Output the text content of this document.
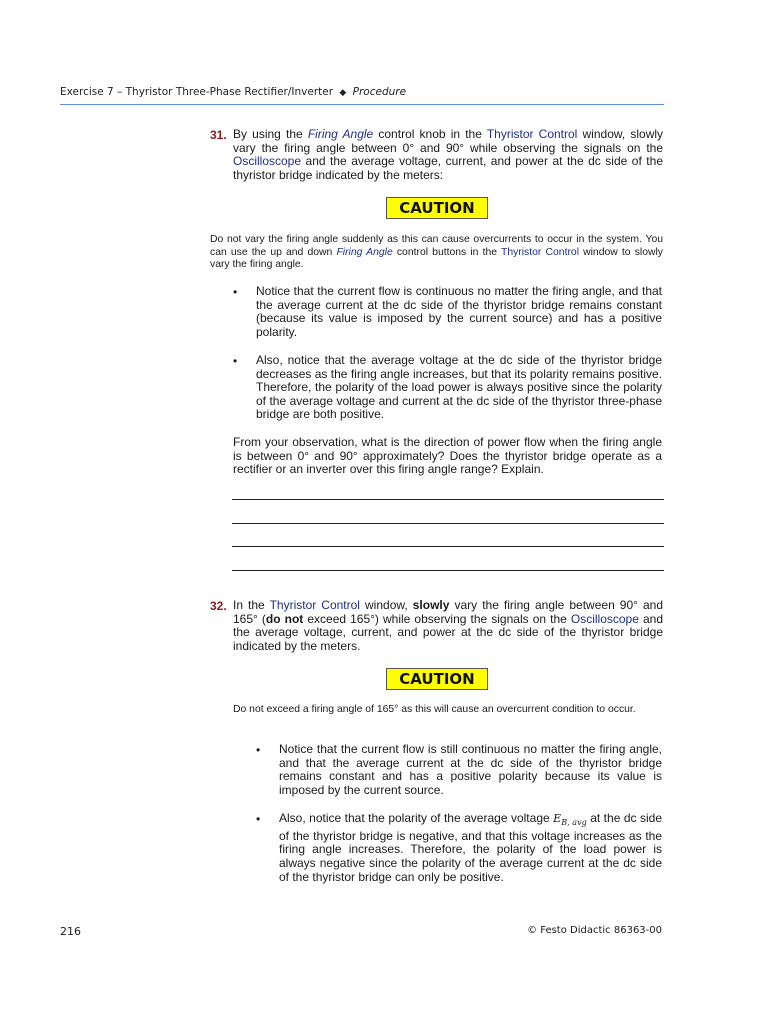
Exercise 7 – Thyristor Three-Phase Rectifier/Inverter ◆ Procedure
31. By using the Firing Angle control knob in the Thyristor Control window, slowly vary the firing angle between 0° and 90° while observing the signals on the Oscilloscope and the average voltage, current, and power at the dc side of the thyristor bridge indicated by the meters:
CAUTION
Do not vary the firing angle suddenly as this can cause overcurrents to occur in the system. You can use the up and down Firing Angle control buttons in the Thyristor Control window to slowly vary the firing angle.
• Notice that the current flow is continuous no matter the firing angle, and that the average current at the dc side of the thyristor bridge remains constant (because its value is imposed by the current source) and has a positive polarity.
• Also, notice that the average voltage at the dc side of the thyristor bridge decreases as the firing angle increases, but that its polarity remains positive. Therefore, the polarity of the load power is always positive since the polarity of the average voltage and current at the dc side of the thyristor three-phase bridge are both positive.
From your observation, what is the direction of power flow when the firing angle is between 0° and 90° approximately? Does the thyristor bridge operate as a rectifier or an inverter over this firing angle range? Explain.
32. In the Thyristor Control window, slowly vary the firing angle between 90° and 165° (do not exceed 165°) while observing the signals on the Oscilloscope and the average voltage, current, and power at the dc side of the thyristor bridge indicated by the meters.
CAUTION
Do not exceed a firing angle of 165° as this will cause an overcurrent condition to occur.
• Notice that the current flow is still continuous no matter the firing angle, and that the average current at the dc side of the thyristor bridge remains constant and has a positive polarity because its value is imposed by the current source.
• Also, notice that the polarity of the average voltage $E_{B, avg}$ at the dc side of the thyristor bridge is negative, and that this voltage increases as the firing angle increases. Therefore, the polarity of the load power is always negative since the polarity of the average current at the dc side of the thyristor bridge can only be positive.
216	© Festo Didactic 86363-00
